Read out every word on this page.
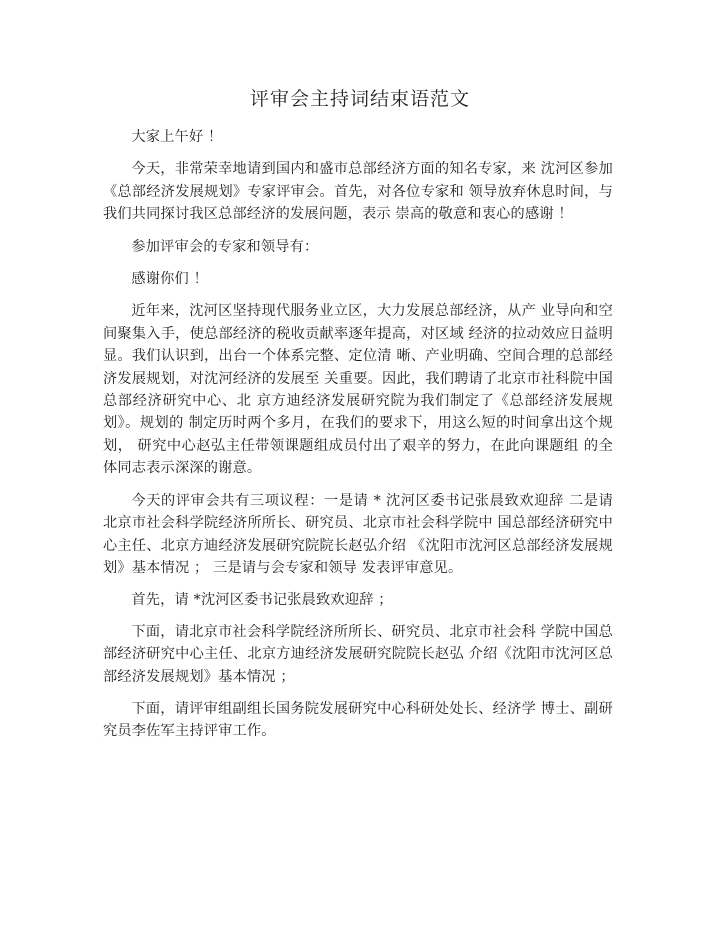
评审会主持词结束语范文

大家上午好 ！

今天，非常荣幸地请到国内和盛市总部经济方面的知名专家，来 沈河区参加《总部经济发展规划》专家评审会。首先，对各位专家和 领导放弃休息时间，与我们共同探讨我区总部经济的发展问题，表示 崇高的敬意和衷心的感谢 ！

参加评审会的专家和领导有：

感谢你们 ！

近年来，沈河区坚持现代服务业立区，大力发展总部经济，从产 业导向和空间聚集入手，使总部经济的税收贡献率逐年提高，对区域 经济的拉动效应日益明显。我们认识到，出台一个体系完整、定位清 晰、产业明确、空间合理的总部经济发展规划，对沈河经济的发展至 关重要。因此，我们聘请了北京市社科院中国总部经济研究中心、北 京方迪经济发展研究院为我们制定了《总部经济发展规划》。规划的 制定历时两个多月，在我们的要求下，用这么短的时间拿出这个规划， 研究中心赵弘主任带领课题组成员付出了艰辛的努力，在此向课题组 的全体同志表示深深的谢意。

今天的评审会共有三项议程：一是请 * 沈河区委书记张晨致欢迎辞 二是请北京市社会科学院经济所所长、研究员、北京市社会科学院中 国总部经济研究中心主任、北京方迪经济发展研究院院长赵弘介绍 《沈阳市沈河区总部经济发展规划》基本情况 ； 三是请与会专家和领导 发表评审意见。

首先，请 *沈河区委书记张晨致欢迎辞 ；

下面，请北京市社会科学院经济所所长、研究员、北京市社会科 学院中国总部经济研究中心主任、北京方迪经济发展研究院院长赵弘 介绍《沈阳市沈河区总部经济发展规划》基本情况 ；

下面，请评审组副组长国务院发展研究中心科研处处长、经济学 博士、副研究员李佐军主持评审工作。
